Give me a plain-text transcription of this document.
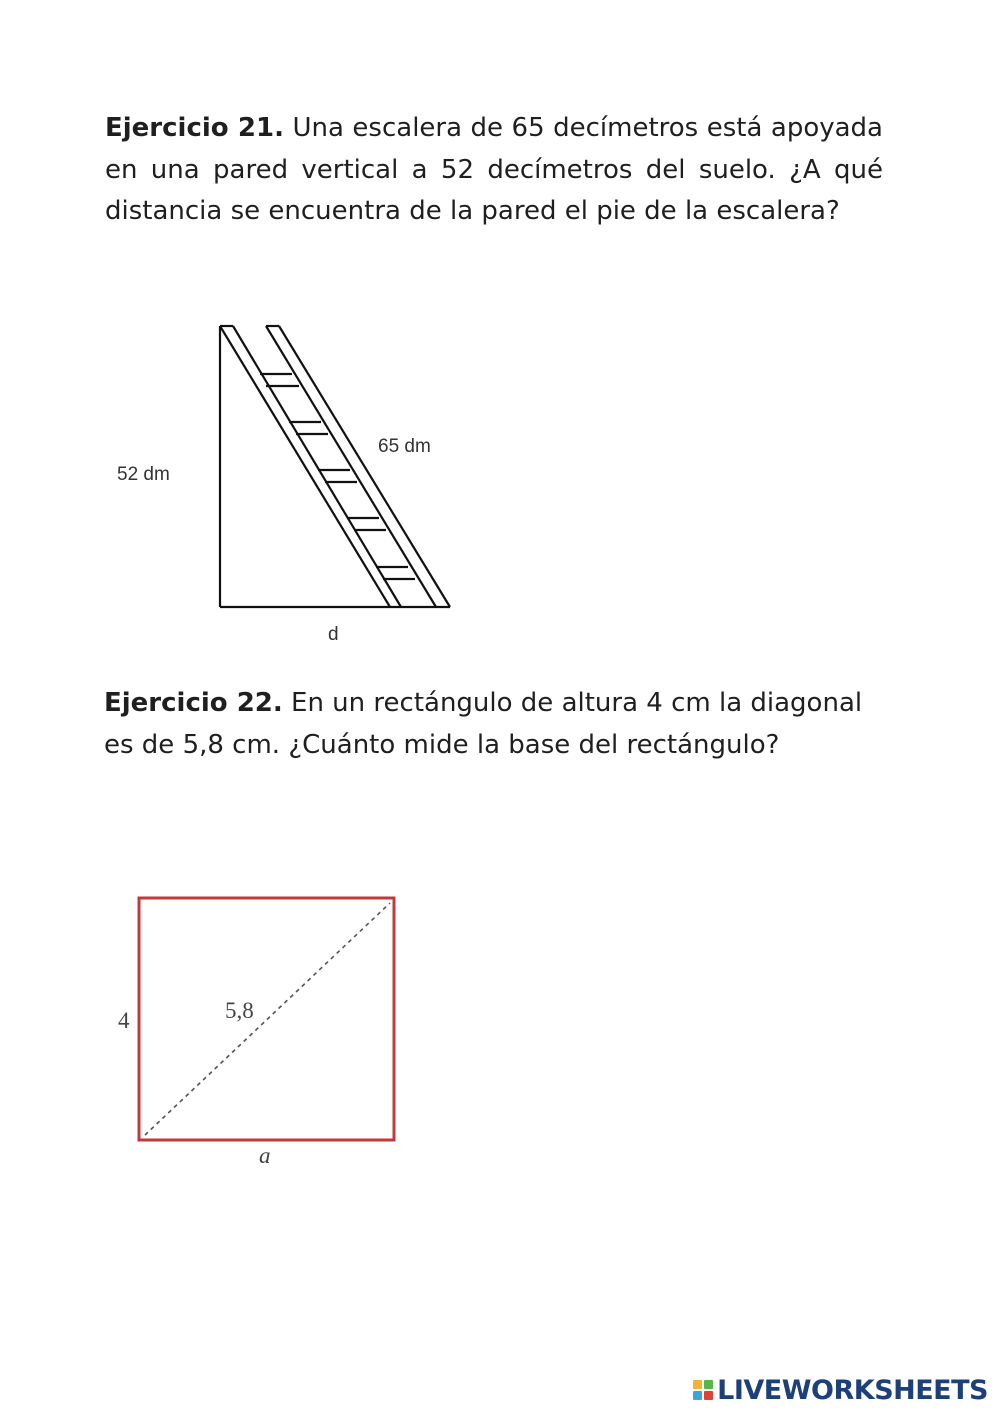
Ejercicio 21. Una escalera de 65 decímetros está apoyada en una pared vertical a 52 decímetros del suelo. ¿A qué distancia se encuentra de la pared el pie de la escalera?
52 dm
65 dm
d
Ejercicio 22. En un rectángulo de altura 4 cm la diagonal es de 5,8 cm. ¿Cuánto mide la base del rectángulo?
4	5,8
a
LIVEWORKSHEETS
